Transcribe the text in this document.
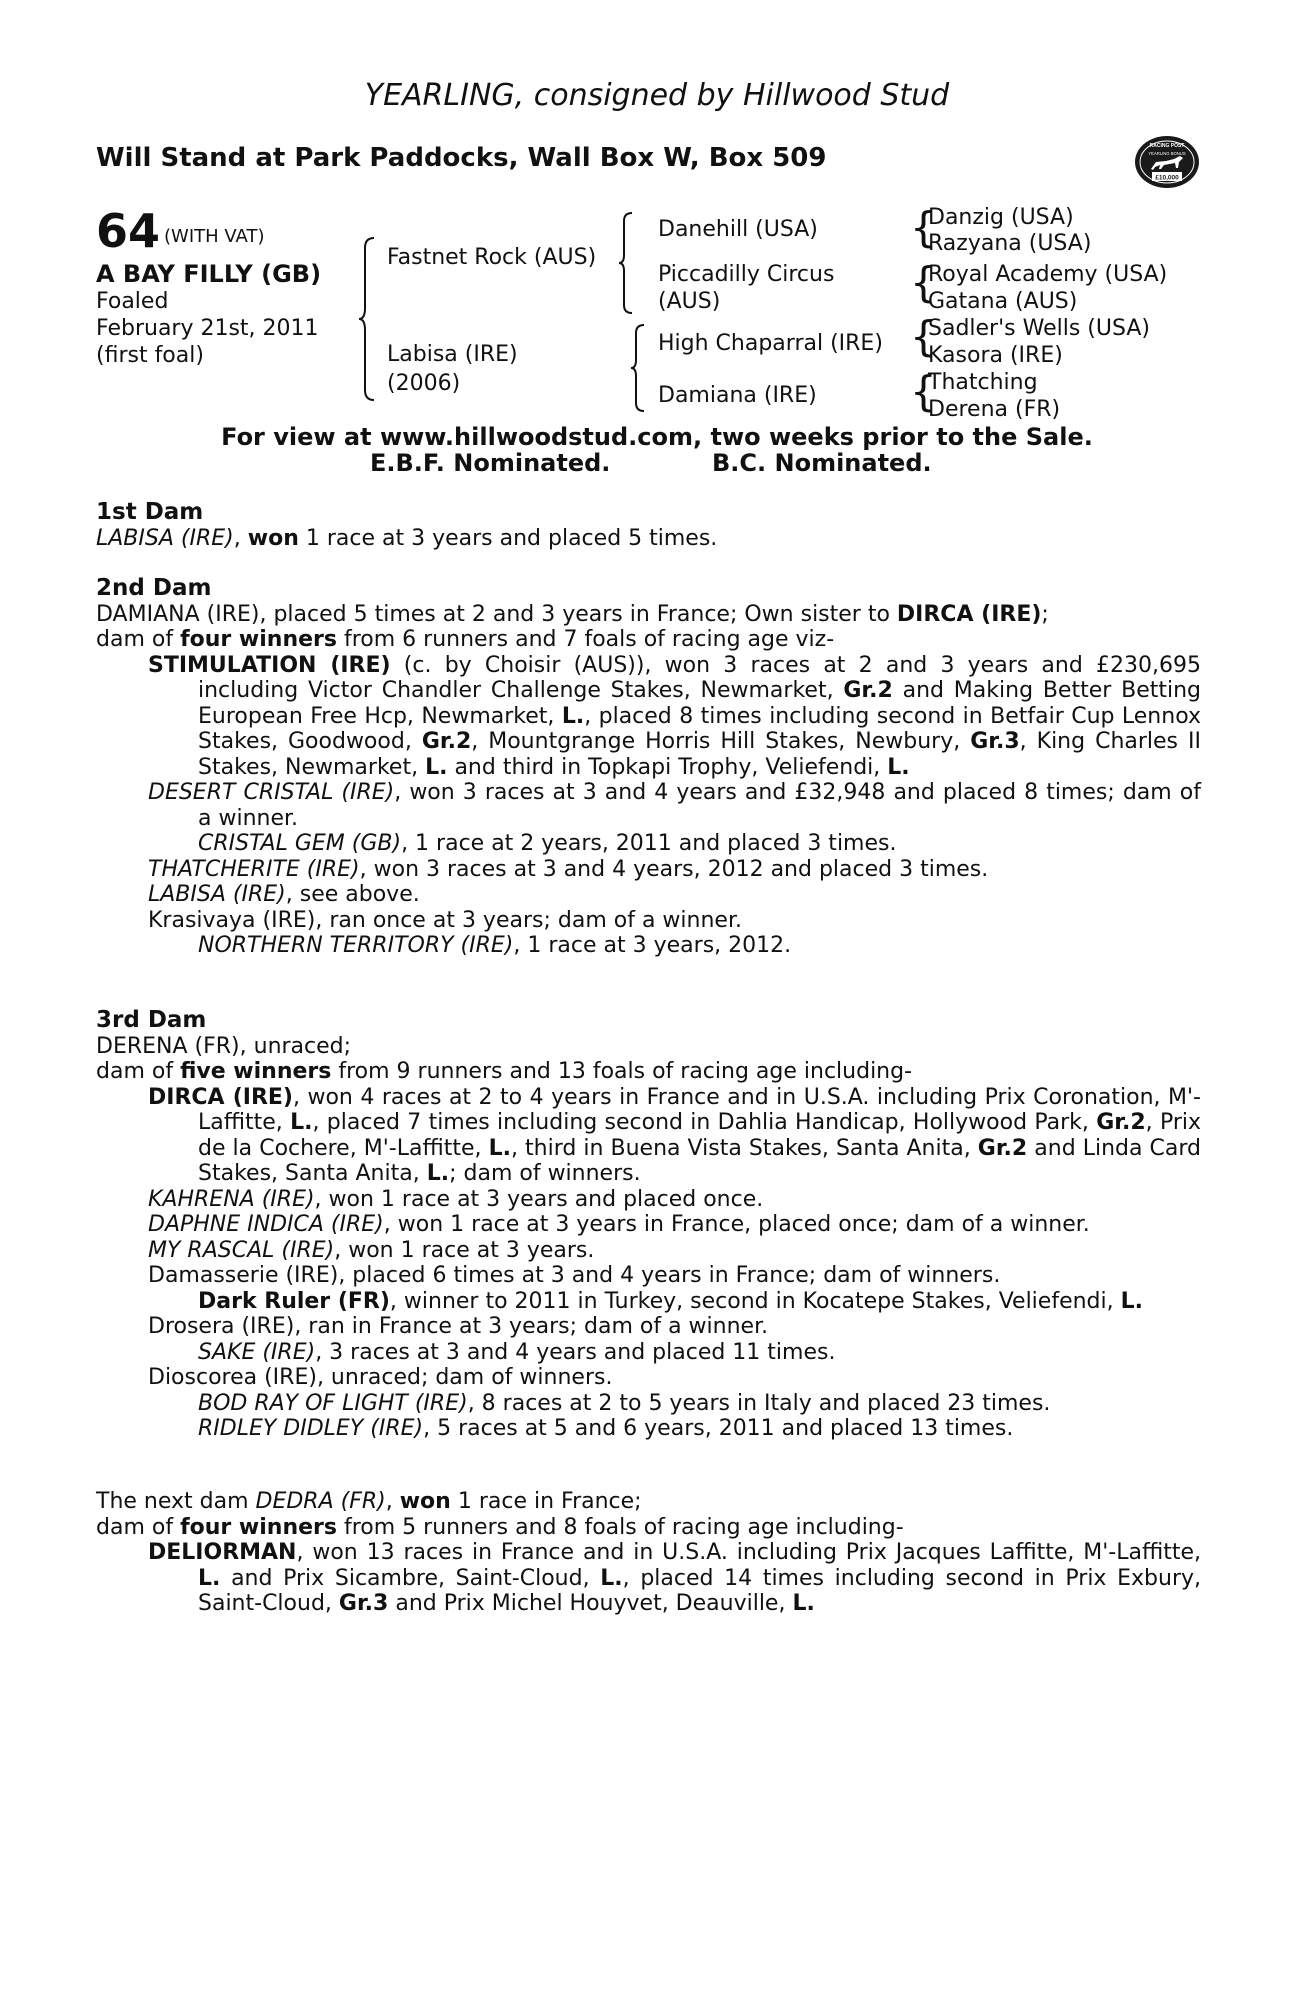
YEARLING, consigned by Hillwood Stud
Will Stand at Park Paddocks, Wall Box W, Box 509	RACING POST
YEARLING BONUS
£10,000
64 (WITH VAT)
A BAY FILLY (GB)
Foaled
February 21st, 2011
(first foal)
Fastnet Rock (AUS)
Labisa (IRE)
(2006)
Danehill (USA)
Piccadilly Circus
(AUS)
High Chaparral (IRE)
Damiana (IRE)
{
{
{
{
Danzig (USA)
Razyana (USA)
Royal Academy (USA)
Gatana (AUS)
Sadler's Wells (USA)
Kasora (IRE)
Thatching
Derena (FR)
For view at www.hillwoodstud.com, two weeks prior to the Sale.
E.B.F. Nominated.	B.C. Nominated.

1st Dam

LABISA (IRE), won 1 race at 3 years and placed 5 times.

2nd Dam

DAMIANA (IRE), placed 5 times at 2 and 3 years in France; Own sister to DIRCA (IRE);

dam of four winners from 6 runners and 7 foals of racing age viz-

STIMULATION (IRE) (c. by Choisir (AUS)), won 3 races at 2 and 3 years and £230,695 including Victor Chandler Challenge Stakes, Newmarket, Gr.2 and Making Better Betting European Free Hcp, Newmarket, L., placed 8 times including second in Betfair Cup Lennox Stakes, Goodwood, Gr.2, Mountgrange Horris Hill Stakes, Newbury, Gr.3, King Charles II Stakes, Newmarket, L. and third in Topkapi Trophy, Veliefendi, L.

DESERT CRISTAL (IRE), won 3 races at 3 and 4 years and £32,948 and placed 8 times; dam of a winner.

CRISTAL GEM (GB), 1 race at 2 years, 2011 and placed 3 times.

THATCHERITE (IRE), won 3 races at 3 and 4 years, 2012 and placed 3 times.

LABISA (IRE), see above.

Krasivaya (IRE), ran once at 3 years; dam of a winner.

NORTHERN TERRITORY (IRE), 1 race at 3 years, 2012.

3rd Dam

DERENA (FR), unraced;

dam of five winners from 9 runners and 13 foals of racing age including-

DIRCA (IRE), won 4 races at 2 to 4 years in France and in U.S.A. including Prix Coronation, M'-Laffitte, L., placed 7 times including second in Dahlia Handicap, Hollywood Park, Gr.2, Prix de la Cochere, M'-Laffitte, L., third in Buena Vista Stakes, Santa Anita, Gr.2 and Linda Card Stakes, Santa Anita, L.; dam of winners.

KAHRENA (IRE), won 1 race at 3 years and placed once.

DAPHNE INDICA (IRE), won 1 race at 3 years in France, placed once; dam of a winner.

MY RASCAL (IRE), won 1 race at 3 years.

Damasserie (IRE), placed 6 times at 3 and 4 years in France; dam of winners.

Dark Ruler (FR), winner to 2011 in Turkey, second in Kocatepe Stakes, Veliefendi, L.

Drosera (IRE), ran in France at 3 years; dam of a winner.

SAKE (IRE), 3 races at 3 and 4 years and placed 11 times.

Dioscorea (IRE), unraced; dam of winners.

BOD RAY OF LIGHT (IRE), 8 races at 2 to 5 years in Italy and placed 23 times.

RIDLEY DIDLEY (IRE), 5 races at 5 and 6 years, 2011 and placed 13 times.

The next dam DEDRA (FR), won 1 race in France;

dam of four winners from 5 runners and 8 foals of racing age including-

DELIORMAN, won 13 races in France and in U.S.A. including Prix Jacques Laffitte, M'-Laffitte, L. and Prix Sicambre, Saint-Cloud, L., placed 14 times including second in Prix Exbury, Saint-Cloud, Gr.3 and Prix Michel Houyvet, Deauville, L.
